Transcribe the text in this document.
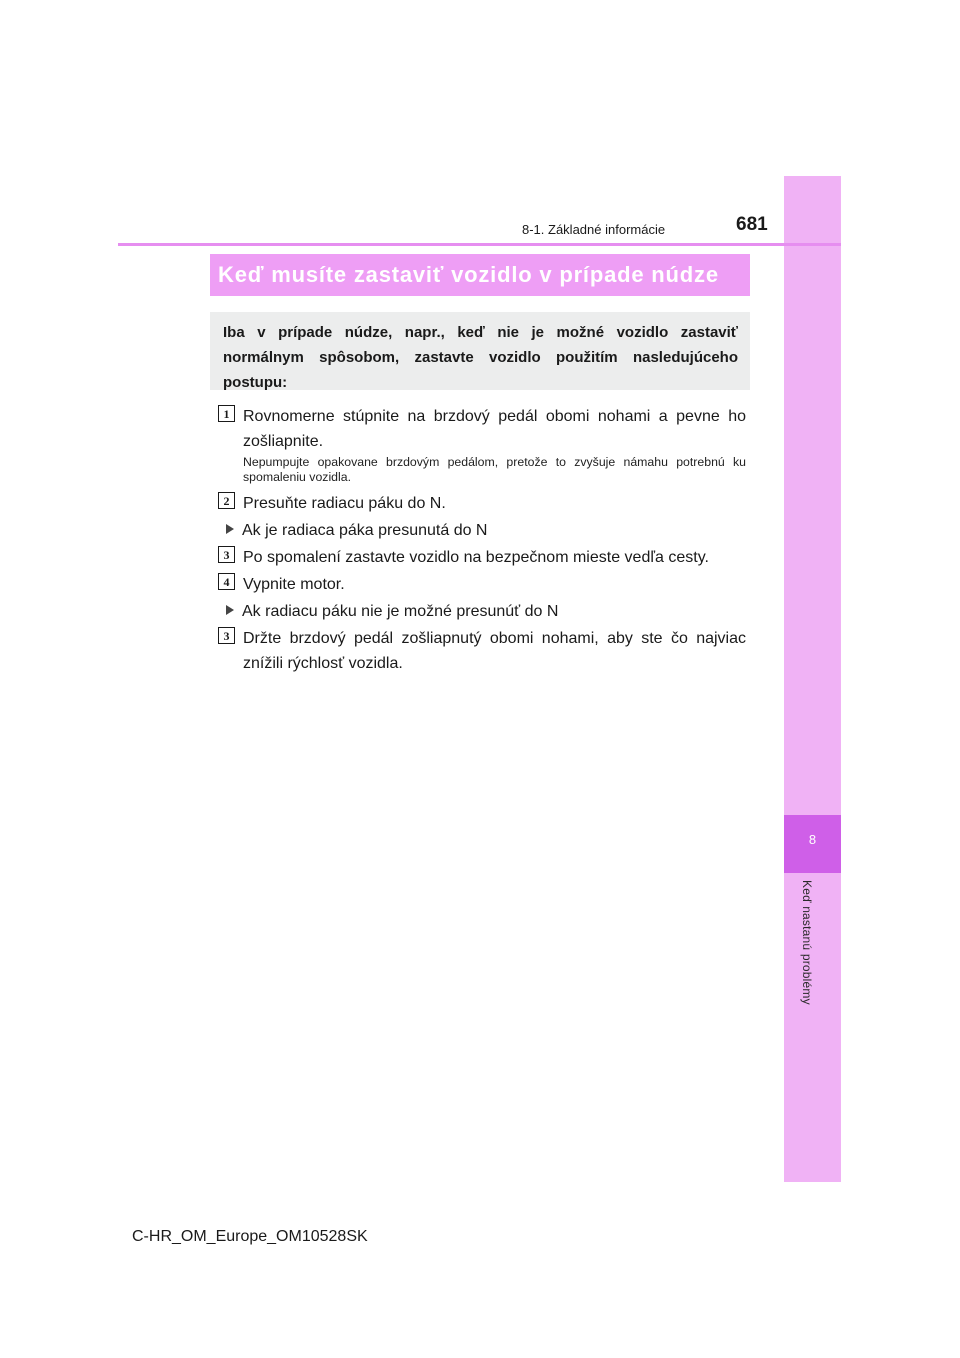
8
Keď nastanú problémy
8-1. Základné informácie	681
Keď musíte zastaviť vozidlo v prípade núdze
Iba v prípade núdze, napr., keď nie je možné vozidlo zastaviť normálnym spôsobom, zastavte vozidlo použitím nasledujúceho postupu:
1 Rovnomerne stúpnite na brzdový pedál obomi nohami a pevne ho zošliapnite.
Nepumpujte opakovane brzdovým pedálom, pretože to zvyšuje námahu potrebnú ku spomaleniu vozidla.
2 Presuňte radiacu páku do N.
Ak je radiaca páka presunutá do N
3 Po spomalení zastavte vozidlo na bezpečnom mieste vedľa cesty.
4 Vypnite motor.
Ak radiacu páku nie je možné presunúť do N
3 Držte brzdový pedál zošliapnutý obomi nohami, aby ste čo najviac znížili rýchlosť vozidla.
C-HR_OM_Europe_OM10528SK
